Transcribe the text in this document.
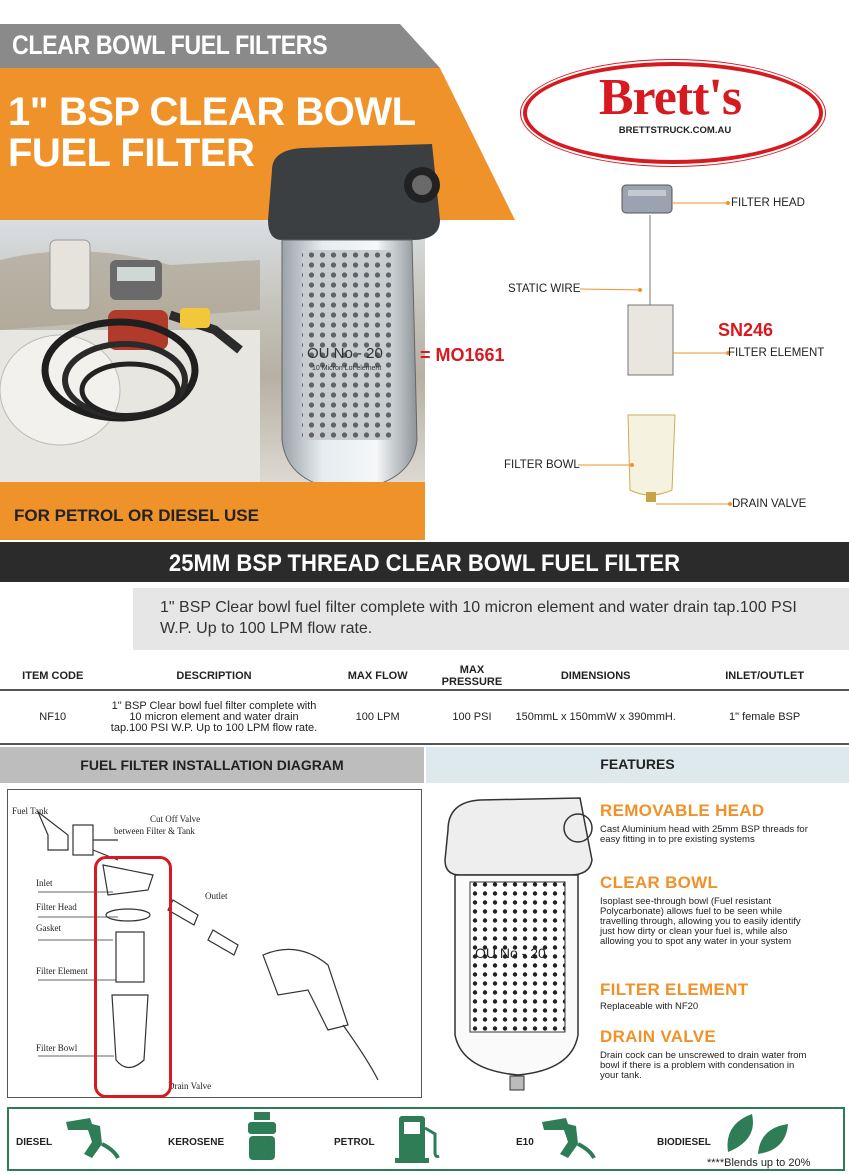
CLEAR BOWL FUEL FILTERS
1" BSP CLEAR BOWL
FUEL FILTER
OU No - 20
10 Micron Lot element
= MO1661
FOR PETROL OR DIESEL USE
Brett's
BRETTSTRUCK.COM.AU
FILTER HEAD
STATIC WIRE
SN246
FILTER ELEMENT
FILTER BOWL
DRAIN VALVE
25MM BSP THREAD CLEAR BOWL FUEL FILTER
1" BSP Clear bowl fuel filter complete with 10 micron element and water drain tap.100 PSI W.P. Up to 100 LPM flow rate.
ITEM CODE	DESCRIPTION	MAX FLOW	MAX PRESSURE	DIMENSIONS	INLET/OUTLET
NF10	1" BSP Clear bowl fuel filter complete with 10 micron element and water drain tap.100 PSI W.P. Up to 100 LPM flow rate.	100 LPM	100 PSI	150mmL x 150mmW x 390mmH.	1" female BSP
FUEL FILTER INSTALLATION DIAGRAM	FEATURES
Fuel Tank
Cut Off Valve
between Filter & Tank
Inlet
Filter Head
Gasket
Filter Element
Filter Bowl
Outlet
Drain Valve
OU No - 20
REMOVABLE HEAD
Cast Aluminium head with 25mm BSP threads for easy fitting in to pre existing systems
CLEAR BOWL
Isoplast see-through bowl (Fuel resistant Polycarbonate) allows fuel to be seen while travelling through, allowing you to easily identify just how dirty or clean your fuel is, while also allowing you to spot any water in your system
FILTER ELEMENT
Replaceable with NF20
DRAIN VALVE
Drain cock can be unscrewed to drain water from bowl if there is a problem with condensation in your tank.
DIESEL	KEROSENE	PETROL	E10	BIODIESEL
****Blends up to 20%
